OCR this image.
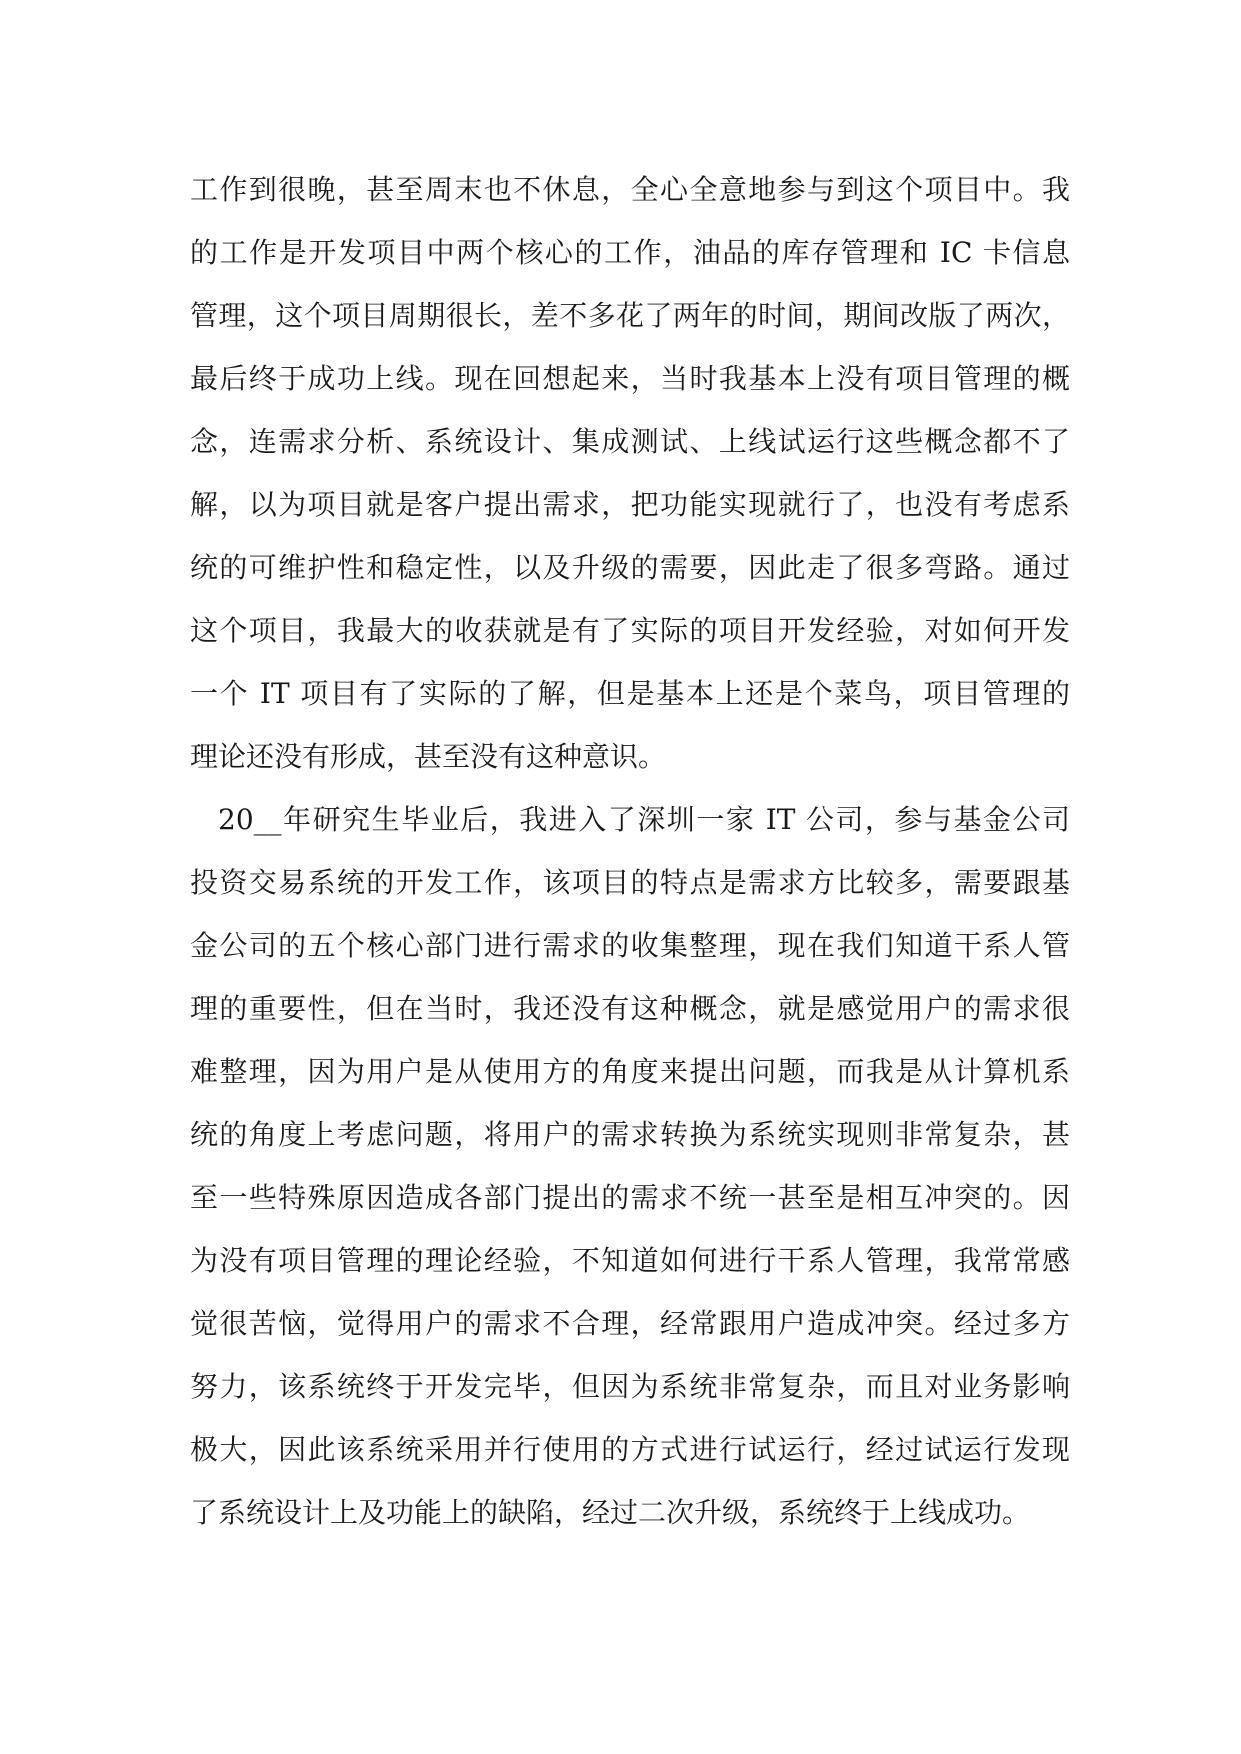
工作到很晚，甚至周末也不休息，全心全意地参与到这个项目中。我
的工作是开发项目中两个核心的工作，油品的库存管理和 IC 卡信息
管理，这个项目周期很长，差不多花了两年的时间，期间改版了两次，
最后终于成功上线。现在回想起来，当时我基本上没有项目管理的概
念，连需求分析、系统设计、集成测试、上线试运行这些概念都不了
解，以为项目就是客户提出需求，把功能实现就行了，也没有考虑系
统的可维护性和稳定性，以及升级的需要，因此走了很多弯路。通过
这个项目，我最大的收获就是有了实际的项目开发经验，对如何开发
一个 IT 项目有了实际的了解，但是基本上还是个菜鸟，项目管理的
理论还没有形成，甚至没有这种意识。
20__年研究生毕业后，我进入了深圳一家 IT 公司，参与基金公司
投资交易系统的开发工作，该项目的特点是需求方比较多，需要跟基
金公司的五个核心部门进行需求的收集整理，现在我们知道干系人管
理的重要性，但在当时，我还没有这种概念，就是感觉用户的需求很
难整理，因为用户是从使用方的角度来提出问题，而我是从计算机系
统的角度上考虑问题，将用户的需求转换为系统实现则非常复杂，甚
至一些特殊原因造成各部门提出的需求不统一甚至是相互冲突的。因
为没有项目管理的理论经验，不知道如何进行干系人管理，我常常感
觉很苦恼，觉得用户的需求不合理，经常跟用户造成冲突。经过多方
努力，该系统终于开发完毕，但因为系统非常复杂，而且对业务影响
极大，因此该系统采用并行使用的方式进行试运行，经过试运行发现
了系统设计上及功能上的缺陷，经过二次升级，系统终于上线成功。
